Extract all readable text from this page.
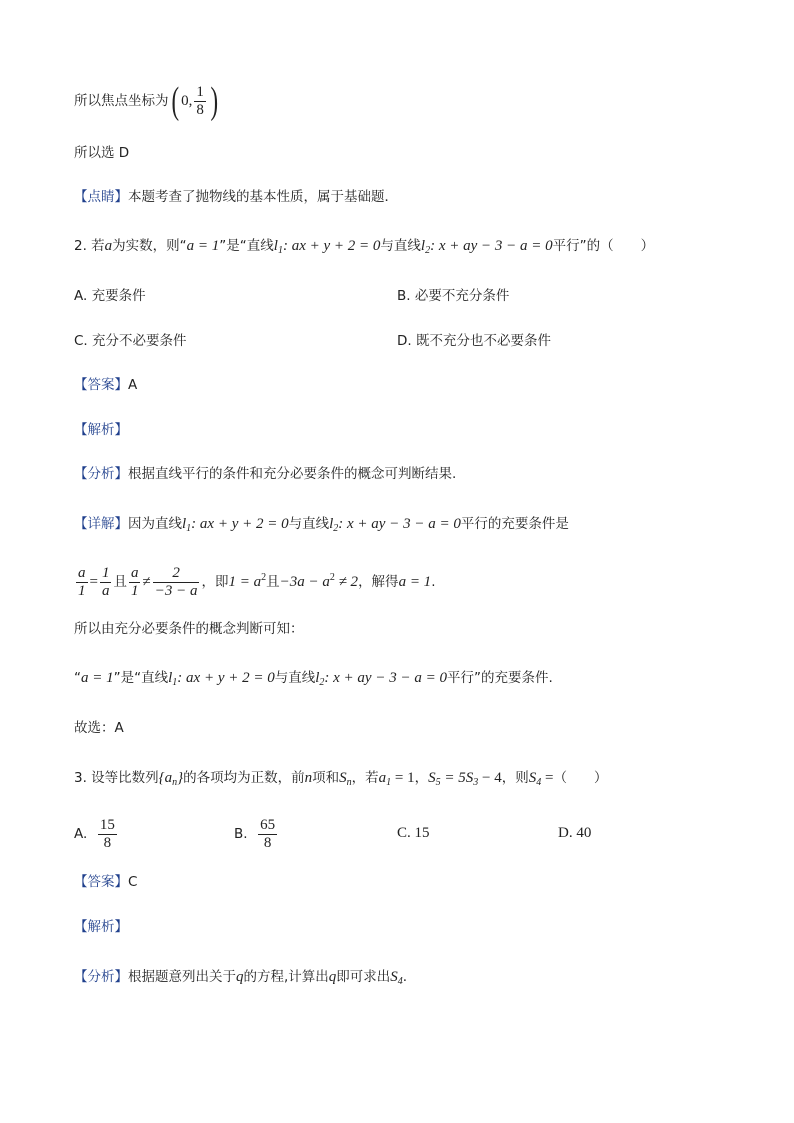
所以焦点坐标为( 0, $\frac{1}{8}$ )
所以选 D
【点睛】本题考查了抛物线的基本性质，属于基础题．
2. 若a为实数，则“a = 1”是“直线$l_1$: ax + y + 2 = 0与直线$l_2$: x + ay − 3 − a = 0平行”的（　　）
A. 充要条件	B. 必要不充分条件
C. 充分不必要条件	D. 既不充分也不必要条件
【答案】A
【解析】
【分析】根据直线平行的条件和充分必要条件的概念可判断结果.
【详解】因为直线$l_1$: ax + y + 2 = 0与直线$l_2$: x + ay − 3 − a = 0平行的充要条件是
$\frac{a}{1} = \frac{1}{a}$ 且 $\frac{a}{1} \ne \frac{2}{-3 - a}$ ，即$1 = a^2$且$-3a - a^2 \ne 2$，解得a = 1.
所以由充分必要条件的概念判断可知：
“a = 1”是“直线$l_1$: ax + y + 2 = 0与直线$l_2$: x + ay − 3 − a = 0平行”的充要条件.
故选：A
3. 设等比数列$\{a_n\}$的各项均为正数，前n项和$S_n$，若$a_1 = 1$，$S_5 = 5S_3 - 4$，则$S_4$ =（　　）
A. $\frac{15}{8}$	B. $\frac{65}{8}$	C. 15	D. 40
【答案】C
【解析】
【分析】根据题意列出关于q的方程,计算出q即可求出$S_4$.
